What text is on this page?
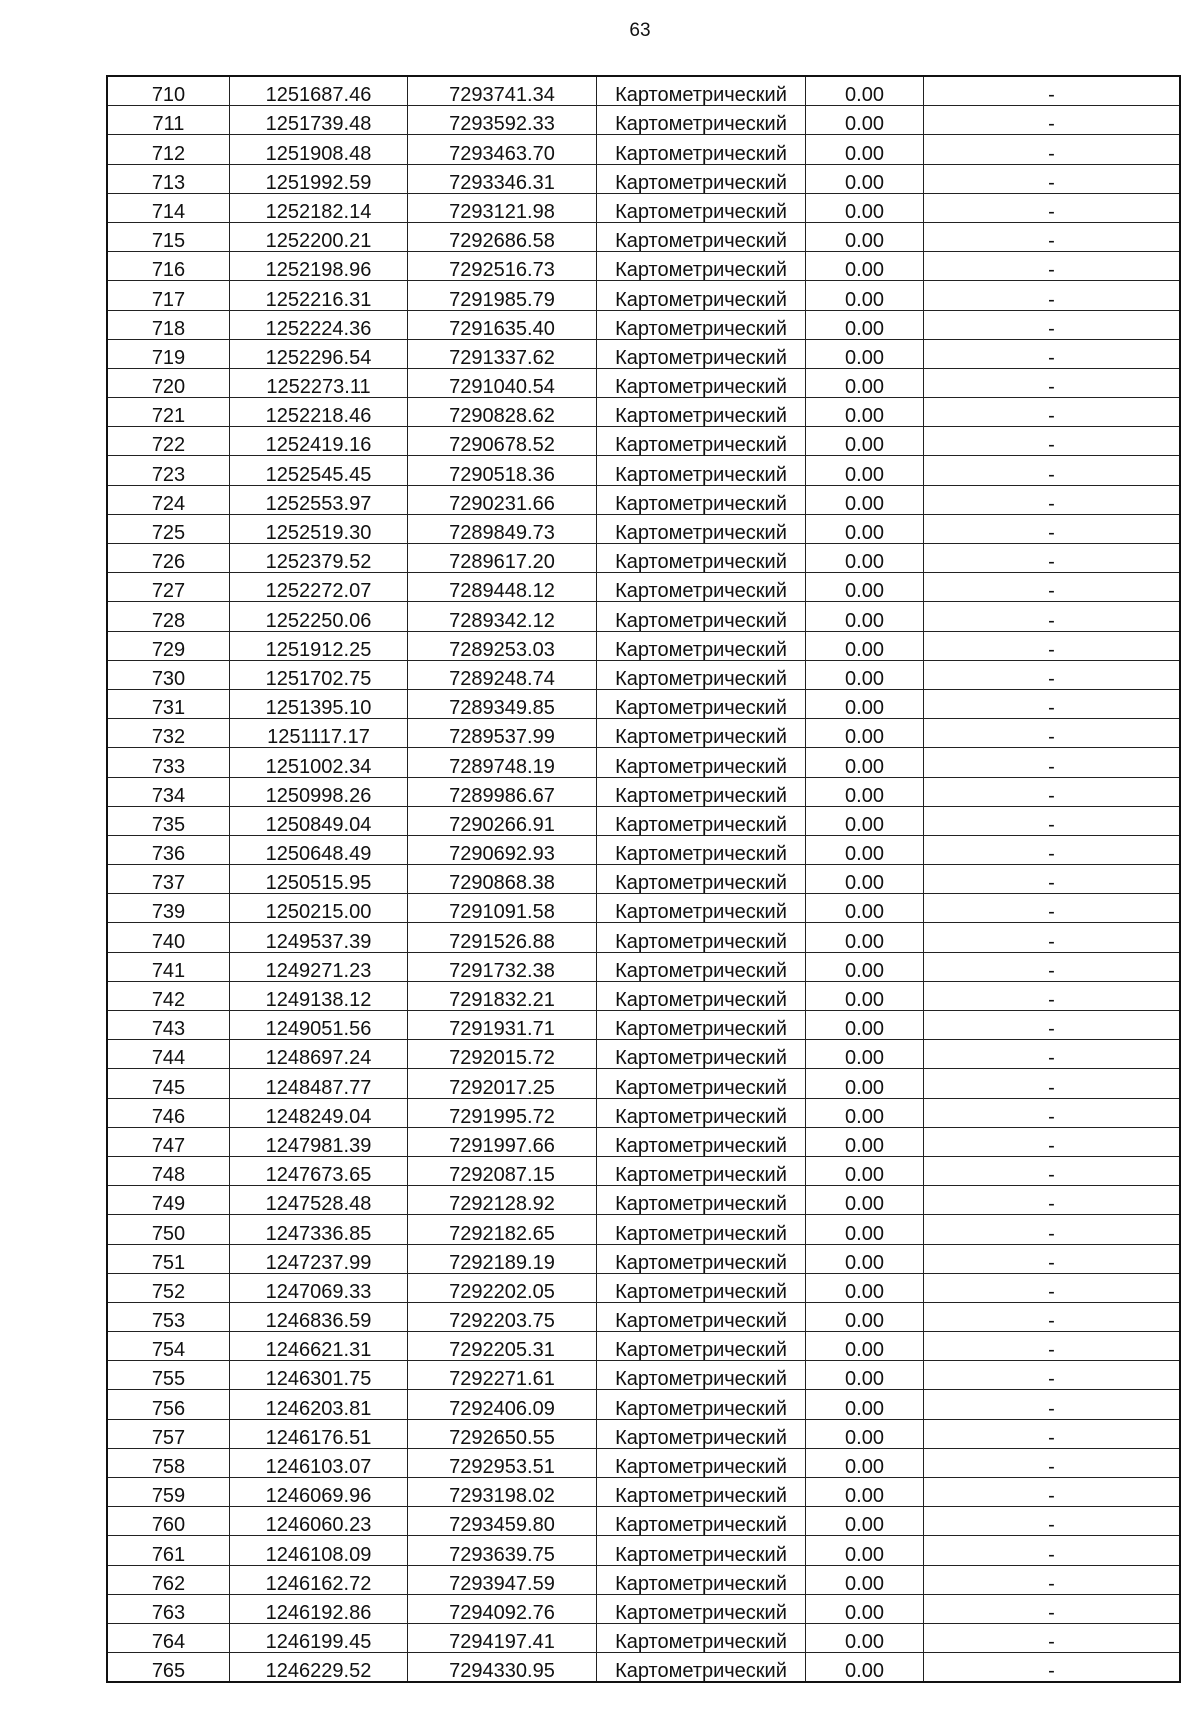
63
710	1251687.46	7293741.34	Картометрический	0.00	-
711	1251739.48	7293592.33	Картометрический	0.00	-
712	1251908.48	7293463.70	Картометрический	0.00	-
713	1251992.59	7293346.31	Картометрический	0.00	-
714	1252182.14	7293121.98	Картометрический	0.00	-
715	1252200.21	7292686.58	Картометрический	0.00	-
716	1252198.96	7292516.73	Картометрический	0.00	-
717	1252216.31	7291985.79	Картометрический	0.00	-
718	1252224.36	7291635.40	Картометрический	0.00	-
719	1252296.54	7291337.62	Картометрический	0.00	-
720	1252273.11	7291040.54	Картометрический	0.00	-
721	1252218.46	7290828.62	Картометрический	0.00	-
722	1252419.16	7290678.52	Картометрический	0.00	-
723	1252545.45	7290518.36	Картометрический	0.00	-
724	1252553.97	7290231.66	Картометрический	0.00	-
725	1252519.30	7289849.73	Картометрический	0.00	-
726	1252379.52	7289617.20	Картометрический	0.00	-
727	1252272.07	7289448.12	Картометрический	0.00	-
728	1252250.06	7289342.12	Картометрический	0.00	-
729	1251912.25	7289253.03	Картометрический	0.00	-
730	1251702.75	7289248.74	Картометрический	0.00	-
731	1251395.10	7289349.85	Картометрический	0.00	-
732	1251117.17	7289537.99	Картометрический	0.00	-
733	1251002.34	7289748.19	Картометрический	0.00	-
734	1250998.26	7289986.67	Картометрический	0.00	-
735	1250849.04	7290266.91	Картометрический	0.00	-
736	1250648.49	7290692.93	Картометрический	0.00	-
737	1250515.95	7290868.38	Картометрический	0.00	-
739	1250215.00	7291091.58	Картометрический	0.00	-
740	1249537.39	7291526.88	Картометрический	0.00	-
741	1249271.23	7291732.38	Картометрический	0.00	-
742	1249138.12	7291832.21	Картометрический	0.00	-
743	1249051.56	7291931.71	Картометрический	0.00	-
744	1248697.24	7292015.72	Картометрический	0.00	-
745	1248487.77	7292017.25	Картометрический	0.00	-
746	1248249.04	7291995.72	Картометрический	0.00	-
747	1247981.39	7291997.66	Картометрический	0.00	-
748	1247673.65	7292087.15	Картометрический	0.00	-
749	1247528.48	7292128.92	Картометрический	0.00	-
750	1247336.85	7292182.65	Картометрический	0.00	-
751	1247237.99	7292189.19	Картометрический	0.00	-
752	1247069.33	7292202.05	Картометрический	0.00	-
753	1246836.59	7292203.75	Картометрический	0.00	-
754	1246621.31	7292205.31	Картометрический	0.00	-
755	1246301.75	7292271.61	Картометрический	0.00	-
756	1246203.81	7292406.09	Картометрический	0.00	-
757	1246176.51	7292650.55	Картометрический	0.00	-
758	1246103.07	7292953.51	Картометрический	0.00	-
759	1246069.96	7293198.02	Картометрический	0.00	-
760	1246060.23	7293459.80	Картометрический	0.00	-
761	1246108.09	7293639.75	Картометрический	0.00	-
762	1246162.72	7293947.59	Картометрический	0.00	-
763	1246192.86	7294092.76	Картометрический	0.00	-
764	1246199.45	7294197.41	Картометрический	0.00	-
765	1246229.52	7294330.95	Картометрический	0.00	-
